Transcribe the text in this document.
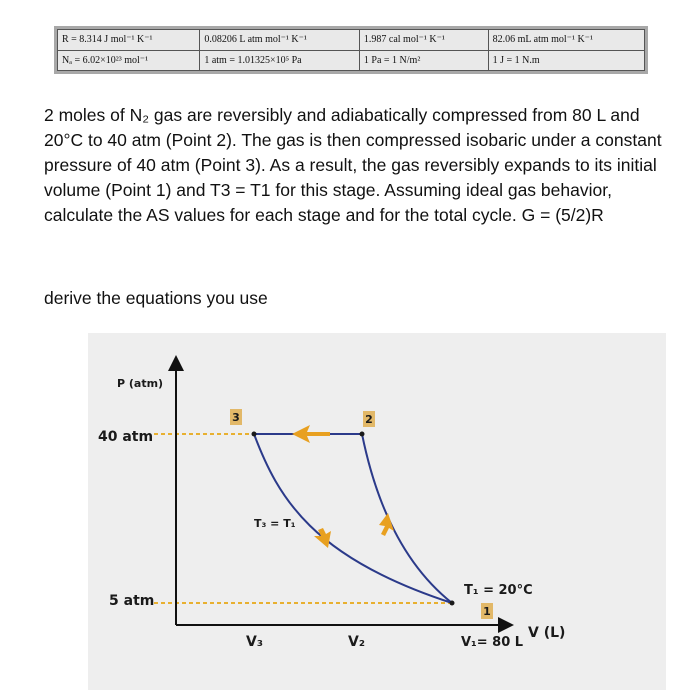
R = 8.314 J mol⁻¹ K⁻¹	0.08206 L atm mol⁻¹ K⁻¹	1.987 cal mol⁻¹ K⁻¹	82.06 mL atm mol⁻¹ K⁻¹
Nₐ = 6.02×10²³ mol⁻¹	1 atm = 1.01325×10⁵ Pa	1 Pa = 1 N/m²	1 J = 1 N.m

2 moles of N₂ gas are reversibly and adiabatically compressed from 80 L and 20°C to 40 atm (Point 2). The gas is then compressed isobaric under a constant pressure of 40 atm (Point 3). As a result, the gas reversibly expands to its initial volume (Point 1) and T3 = T1 for this stage. Assuming ideal gas behavior, calculate the AS values for each stage and for the total cycle. G = (5/2)R

derive the equations you use

3	2
1
P (atm)
40 atm
5 atm
T₃ = T₁
T₁ = 20°C
V (L)
V₃	V₂	V₁= 80 L
